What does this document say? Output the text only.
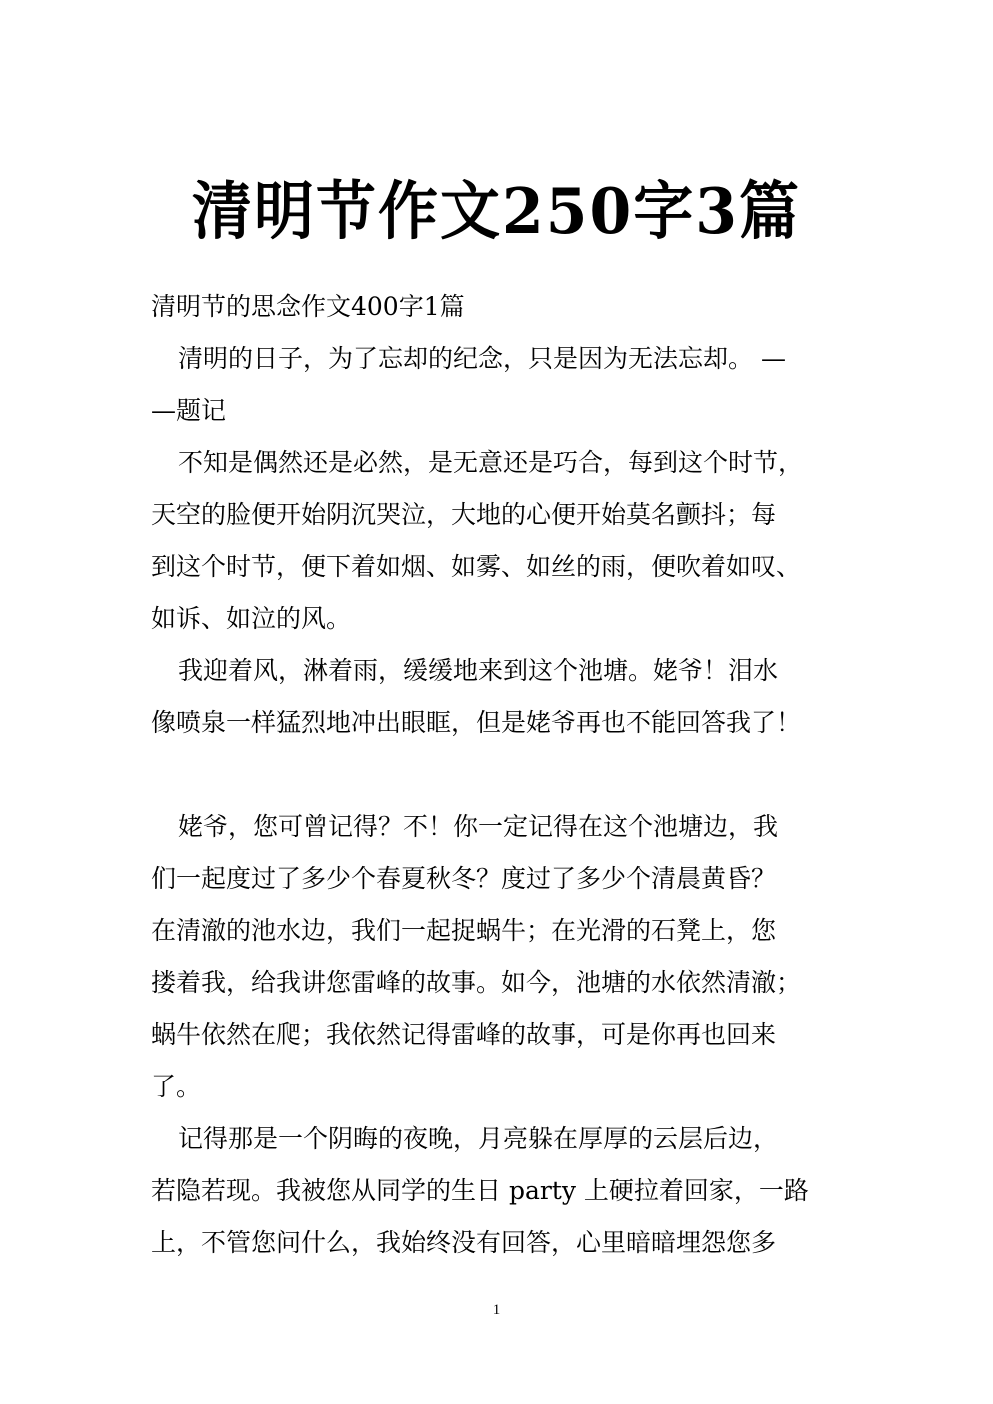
清明节作文250字3篇
清明节的思念作文400字1篇
清明的日子，为了忘却的纪念，只是因为无法忘却。 —
—题记
不知是偶然还是必然，是无意还是巧合，每到这个时节，
天空的脸便开始阴沉哭泣，大地的心便开始莫名颤抖；每
到这个时节，便下着如烟、如雾、如丝的雨，便吹着如叹、
如诉、如泣的风。
我迎着风，淋着雨，缓缓地来到这个池塘。姥爷！泪水
像喷泉一样猛烈地冲出眼眶，但是姥爷再也不能回答我了！
姥爷，您可曾记得？不！你一定记得在这个池塘边，我
们一起度过了多少个春夏秋冬？度过了多少个清晨黄昏？
在清澈的池水边，我们一起捉蜗牛；在光滑的石凳上，您
搂着我，给我讲您雷峰的故事。如今，池塘的水依然清澈；
蜗牛依然在爬；我依然记得雷峰的故事，可是你再也回来
了。
记得那是一个阴晦的夜晚，月亮躲在厚厚的云层后边，
若隐若现。我被您从同学的生日 party 上硬拉着回家，一路
上，不管您问什么，我始终没有回答，心里暗暗埋怨您多
1
